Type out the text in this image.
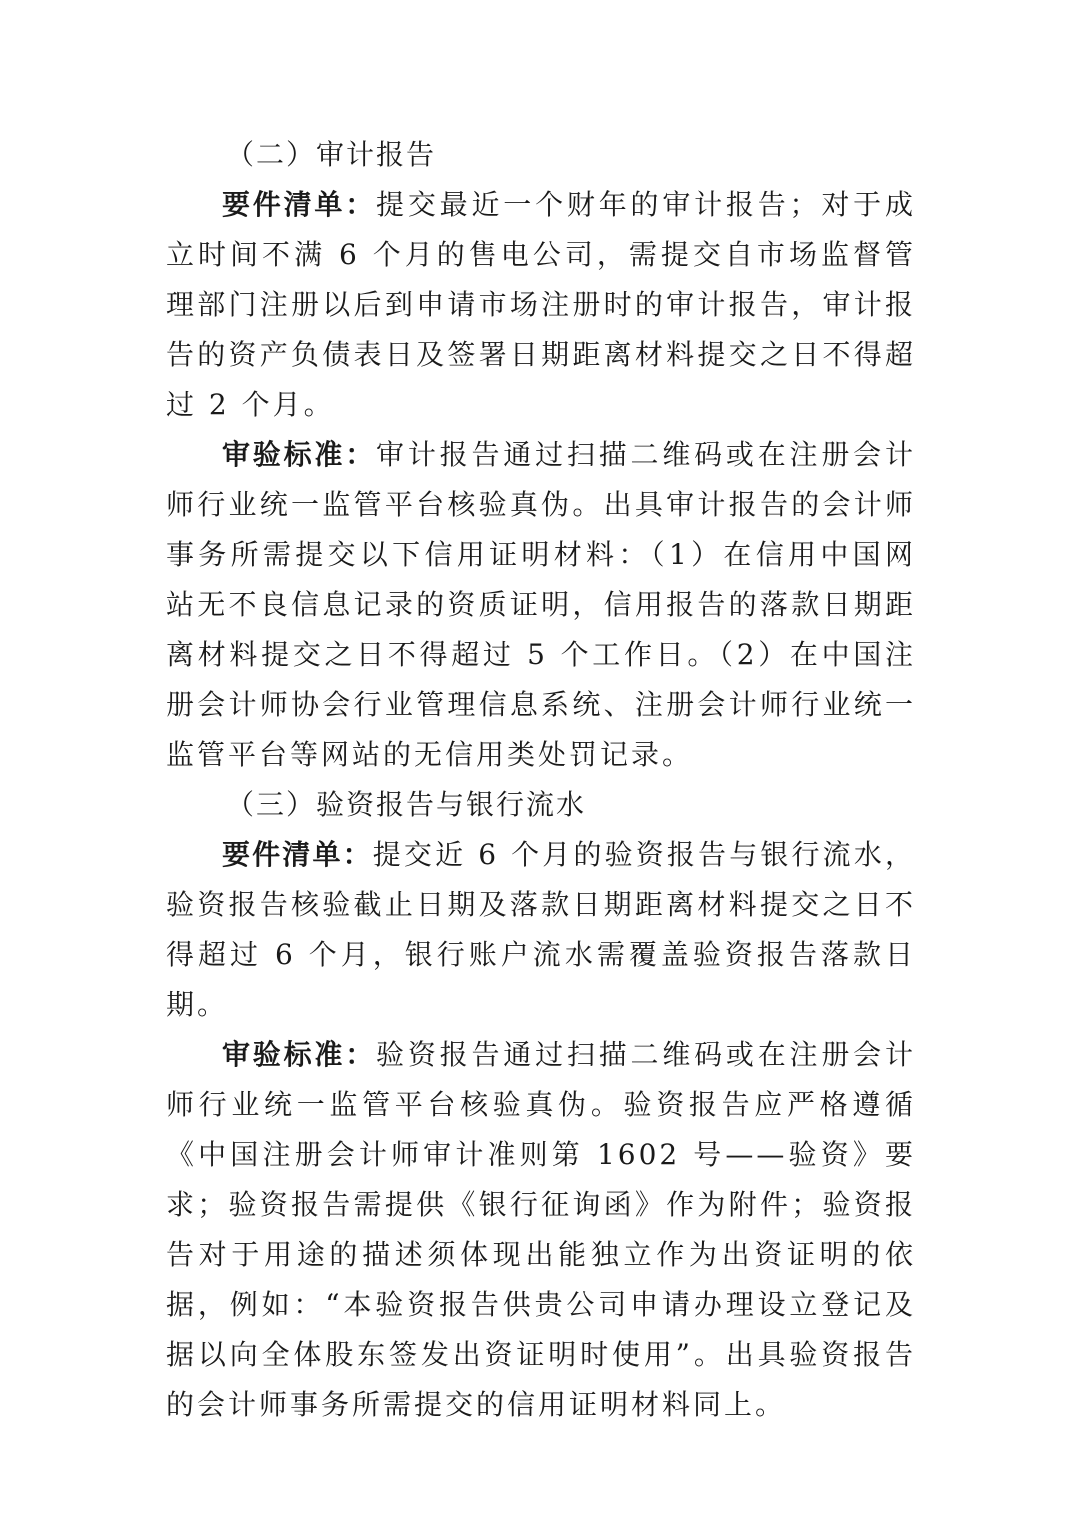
（二）审计报告

要件清单：提交最近一个财年的审计报告；对于成立时间不满 6 个月的售电公司，需提交自市场监督管理部门注册以后到申请市场注册时的审计报告，审计报告的资产负债表日及签署日期距离材料提交之日不得超过 2 个月。

审验标准：审计报告通过扫描二维码或在注册会计师行业统一监管平台核验真伪。出具审计报告的会计师事务所需提交以下信用证明材料：（1）在信用中国网站无不良信息记录的资质证明，信用报告的落款日期距离材料提交之日不得超过 5 个工作日。（2）在中国注册会计师协会行业管理信息系统、注册会计师行业统一监管平台等网站的无信用类处罚记录。

（三）验资报告与银行流水

要件清单：提交近 6 个月的验资报告与银行流水，验资报告核验截止日期及落款日期距离材料提交之日不得超过 6 个月，银行账户流水需覆盖验资报告落款日期。

审验标准：验资报告通过扫描二维码或在注册会计师行业统一监管平台核验真伪。验资报告应严格遵循《中国注册会计师审计准则第 1602 号——验资》要求；验资报告需提供《银行征询函》作为附件；验资报告对于用途的描述须体现出能独立作为出资证明的依据，例如：“本验资报告供贵公司申请办理设立登记及据以向全体股东签发出资证明时使用”。出具验资报告的会计师事务所需提交的信用证明材料同上。
